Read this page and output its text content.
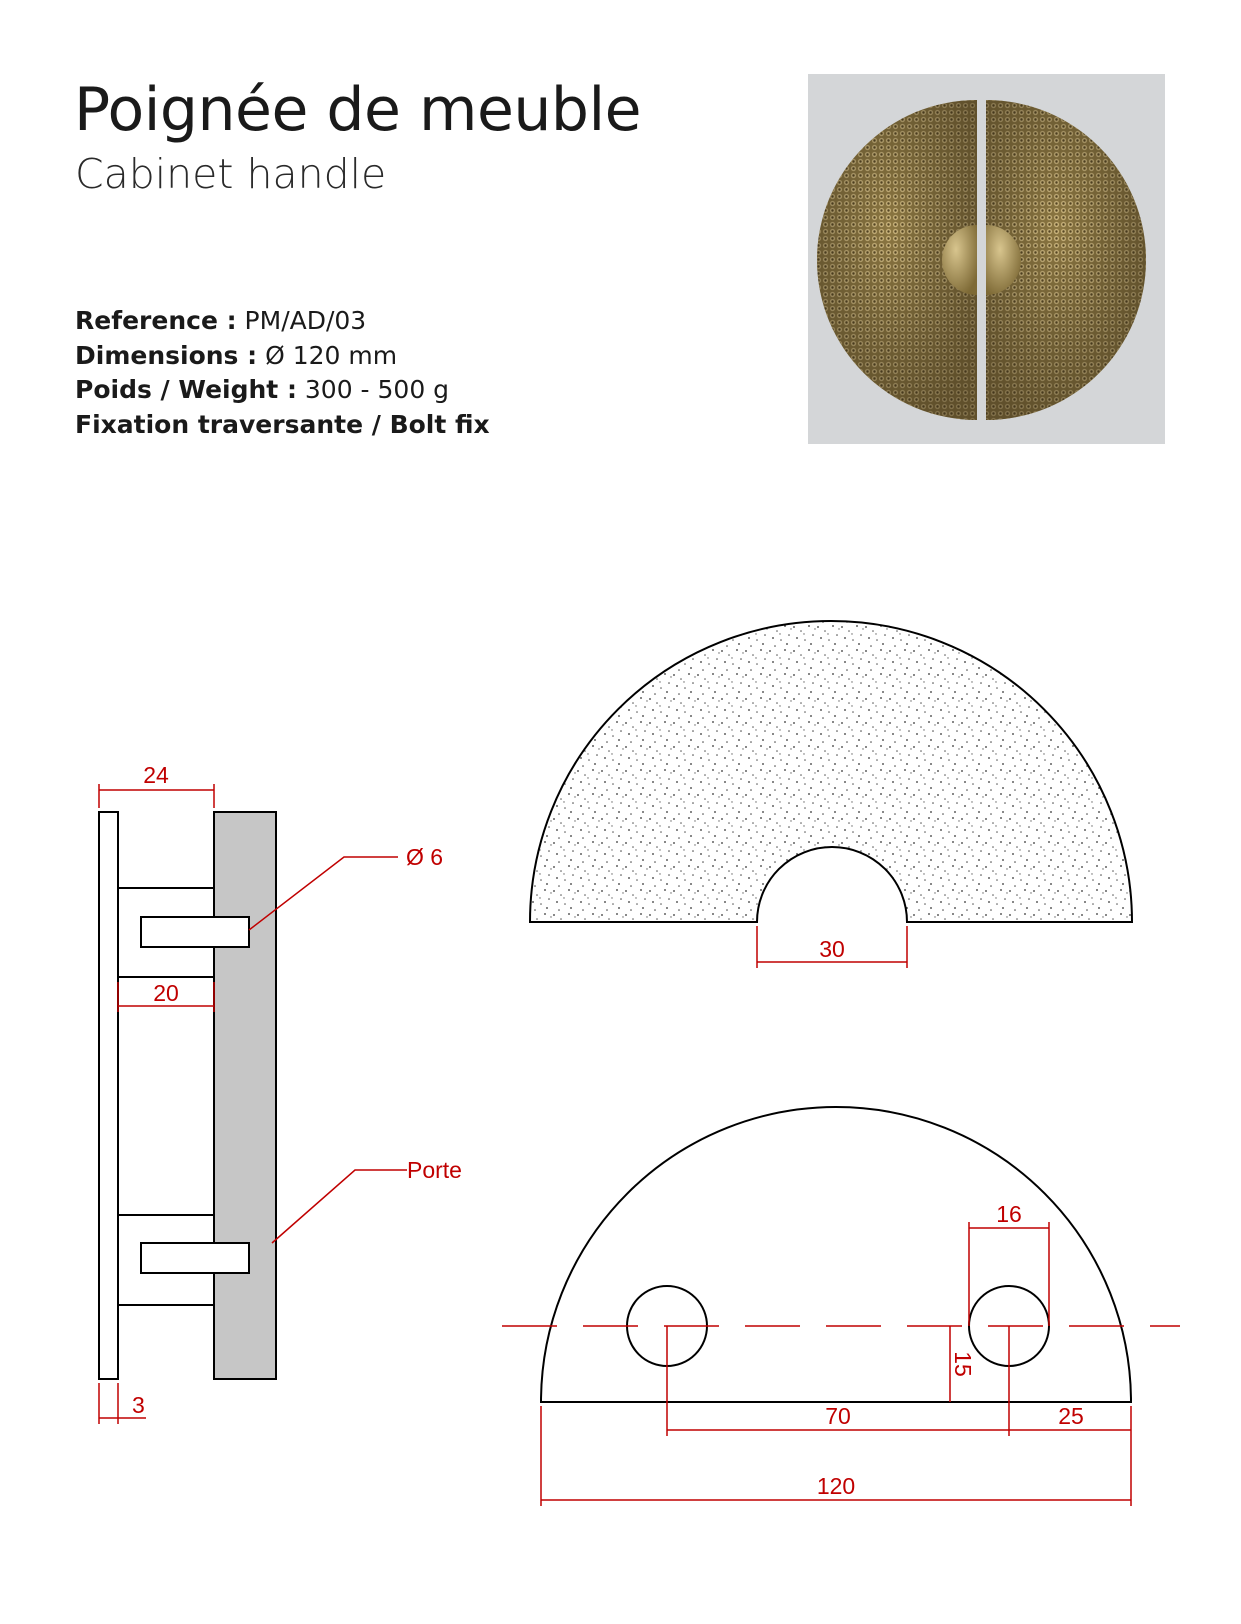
Poignée de meuble
Cabinet handle
Reference : PM/AD/03
Dimensions : Ø 120 mm
Poids / Weight : 300 - 500 g
Fixation traversante / Bolt fix
24
Ø 6
20
Porte
3
30
16
15
70	25
120
